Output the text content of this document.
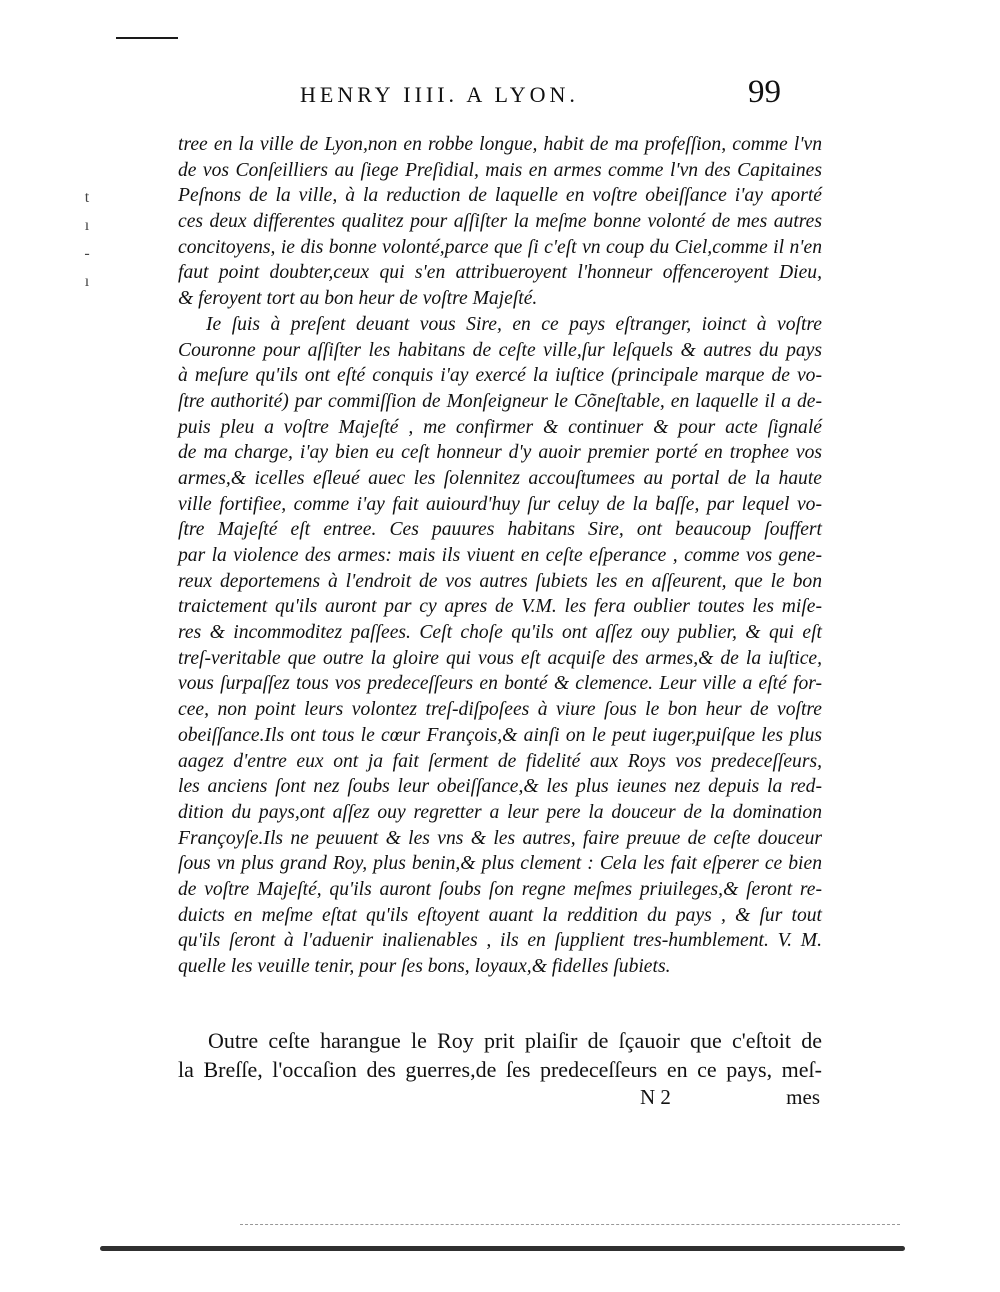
t
ı
-
ı
HENRY IIII. A LYON.	99
tree en la ville de Lyon,non en robbe longue, habit de ma profeſſion, comme l'vn
de vos Conſeilliers au ſiege Preſidial, mais en armes comme l'vn des Capitaines
Peſnons de la ville, à la reduction de laquelle en voſtre obeiſſance i'ay aporté
ces deux differentes qualitez pour aſſiſter la meſme bonne volonté de mes autres
concitoyens, ie dis bonne volonté,parce que ſi c'eſt vn coup du Ciel,comme il n'en
faut point doubter,ceux qui s'en attribueroyent l'honneur offenceroyent Dieu,
& feroyent tort au bon heur de voſtre Majeſté.
Ie ſuis à preſent deuant vous Sire, en ce pays eſtranger, ioinct à voſtre
Couronne pour aſſiſter les habitans de ceſte ville,ſur leſquels & autres du pays
à meſure qu'ils ont eſté conquis i'ay exercé la iuſtice (principale marque de vo-
ſtre authorité) par commiſſion de Monſeigneur le Cõneſtable, en laquelle il a de-
puis pleu a voſtre Majeſté , me confirmer & continuer & pour acte ſignalé
de ma charge, i'ay bien eu ceſt honneur d'y auoir premier porté en trophee vos
armes,& icelles eſleué auec les ſolennitez accouſtumees au portal de la haute
ville fortifiee, comme i'ay fait auiourd'huy ſur celuy de la baſſe, par lequel vo-
ſtre Majeſté eſt entree. Ces pauures habitans Sire, ont beaucoup ſouffert
par la violence des armes: mais ils viuent en ceſte eſperance , comme vos gene-
reux deportemens à l'endroit de vos autres ſubiets les en aſſeurent, que le bon
traictement qu'ils auront par cy apres de V.M. les fera oublier toutes les miſe-
res & incommoditez paſſees. Ceſt choſe qu'ils ont aſſez ouy publier, & qui eſt
treſ-veritable que outre la gloire qui vous eſt acquiſe des armes,& de la iuſtice,
vous ſurpaſſez tous vos predeceſſeurs en bonté & clemence. Leur ville a eſté for-
cee, non point leurs volontez treſ-diſpoſees à viure ſous le bon heur de voſtre
obeiſſance.Ils ont tous le cœur François,& ainſi on le peut iuger,puiſque les plus
aagez d'entre eux ont ja fait ſerment de fidelité aux Roys vos predeceſſeurs,
les anciens ſont nez ſoubs leur obeiſſance,& les plus ieunes nez depuis la red-
dition du pays,ont aſſez ouy regretter a leur pere la douceur de la domination
Françoyſe.Ils ne peuuent & les vns & les autres, faire preuue de ceſte douceur
ſous vn plus grand Roy, plus benin,& plus clement : Cela les fait eſperer ce bien
de voſtre Majeſté, qu'ils auront ſoubs ſon regne meſmes priuileges,& ſeront re-
duicts en meſme eſtat qu'ils eſtoyent auant la reddition du pays , & ſur tout
qu'ils ſeront à l'aduenir inalienables , ils en ſupplient tres-humblement. V. M.
quelle les veuille tenir, pour ſes bons, loyaux,& fidelles ſubiets.
Outre ceſte harangue le Roy prit plaiſir de ſçauoir que c'eſtoit de
la Breſſe, l'occaſion des guerres,de ſes predeceſſeurs en ce pays, meſ-
N 2	mes
